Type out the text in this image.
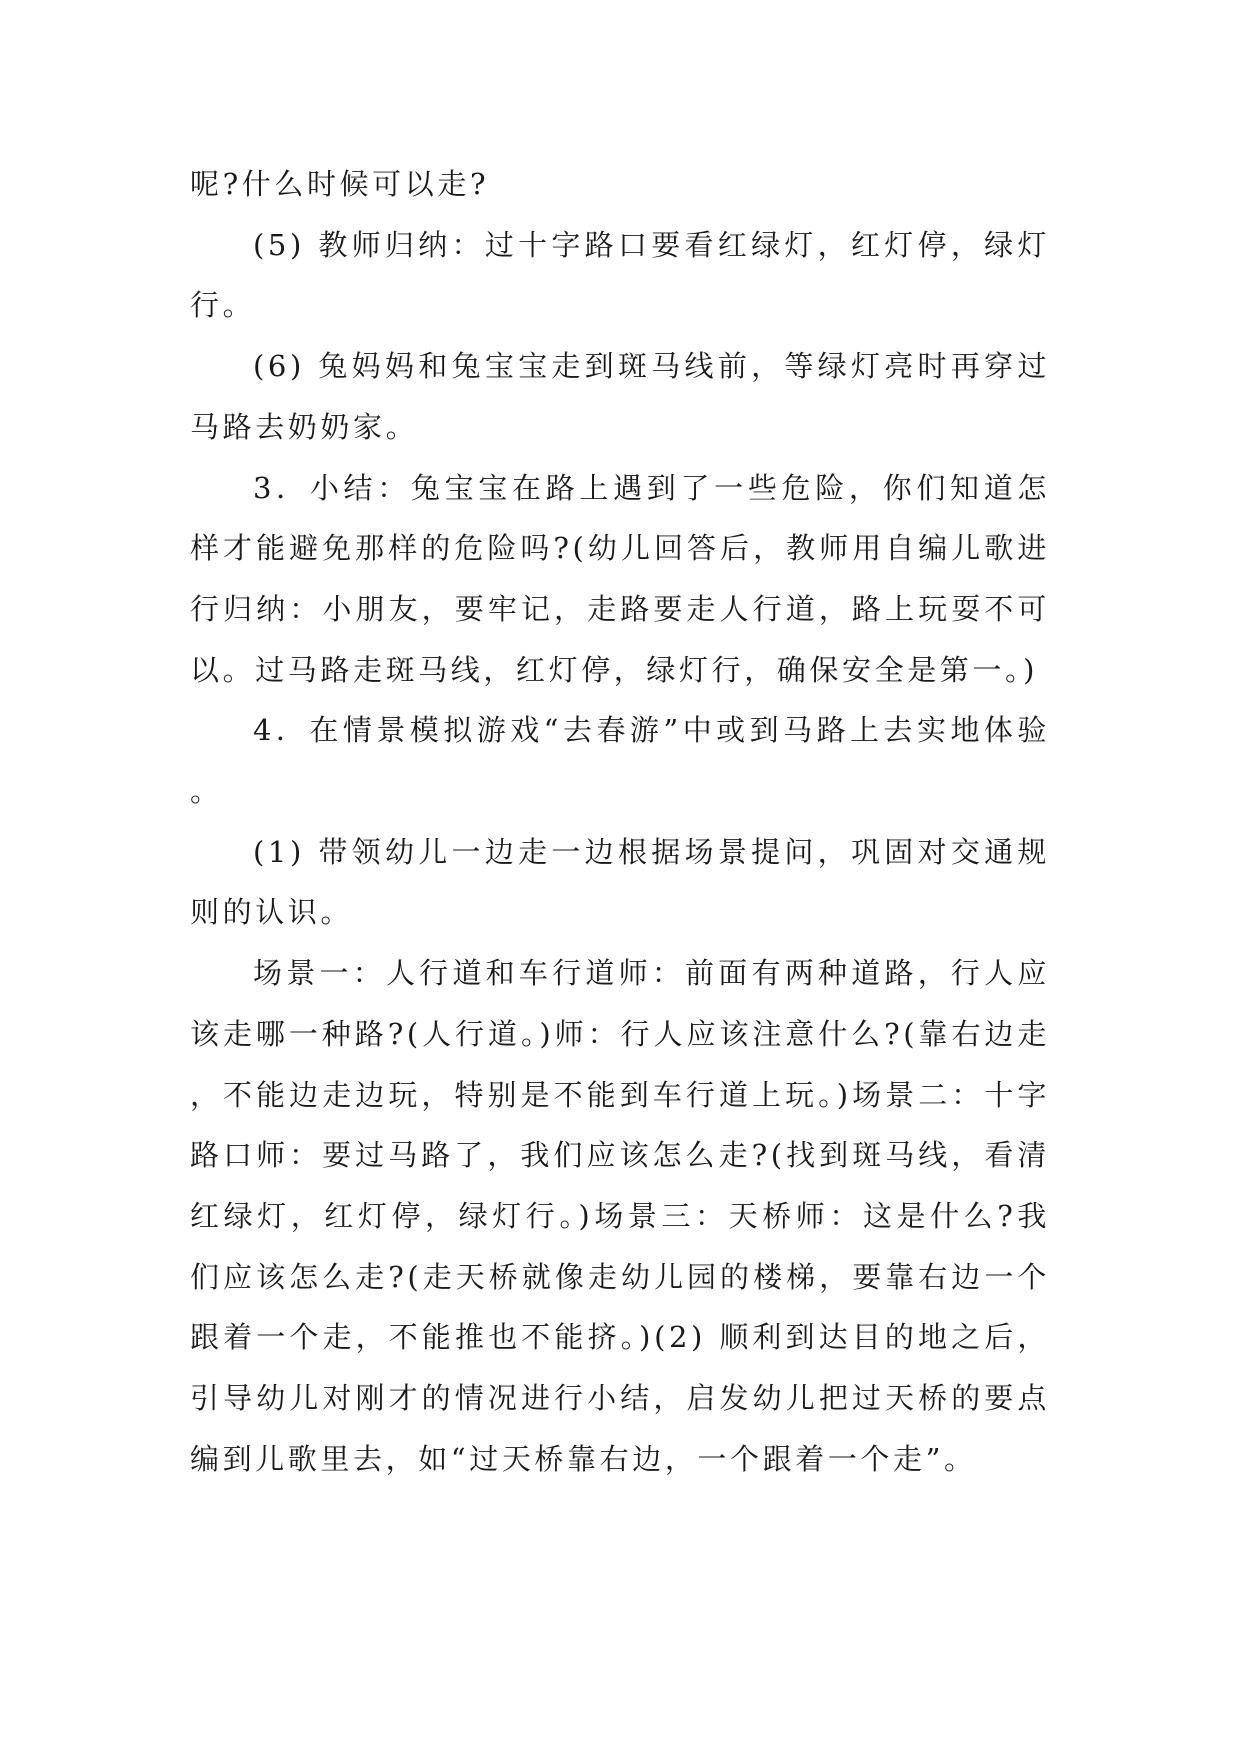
呢?什么时候可以走?

(5) 教师归纳：过十字路口要看红绿灯，红灯停，绿灯行。

(6) 兔妈妈和兔宝宝走到斑马线前，等绿灯亮时再穿过马路去奶奶家。

3．小结：兔宝宝在路上遇到了一些危险，你们知道怎样才能避免那样的危险吗?(幼儿回答后，教师用自编儿歌进行归纳：小朋友，要牢记，走路要走人行道，路上玩耍不可以。过马路走斑马线，红灯停，绿灯行，确保安全是第一。)

4．在情景模拟游戏“去春游”中或到马路上去实地体验。

(1) 带领幼儿一边走一边根据场景提问，巩固对交通规则的认识。

场景一：人行道和车行道师：前面有两种道路，行人应该走哪一种路?(人行道。)师：行人应该注意什么?(靠右边走，不能边走边玩，特别是不能到车行道上玩。)场景二：十字路口师：要过马路了，我们应该怎么走?(找到斑马线，看清红绿灯，红灯停，绿灯行。)场景三：天桥师：这是什么?我们应该怎么走?(走天桥就像走幼儿园的楼梯，要靠右边一个跟着一个走，不能推也不能挤。)(2) 顺利到达目的地之后，引导幼儿对刚才的情况进行小结，启发幼儿把过天桥的要点编到儿歌里去，如“过天桥靠右边，一个跟着一个走”。
